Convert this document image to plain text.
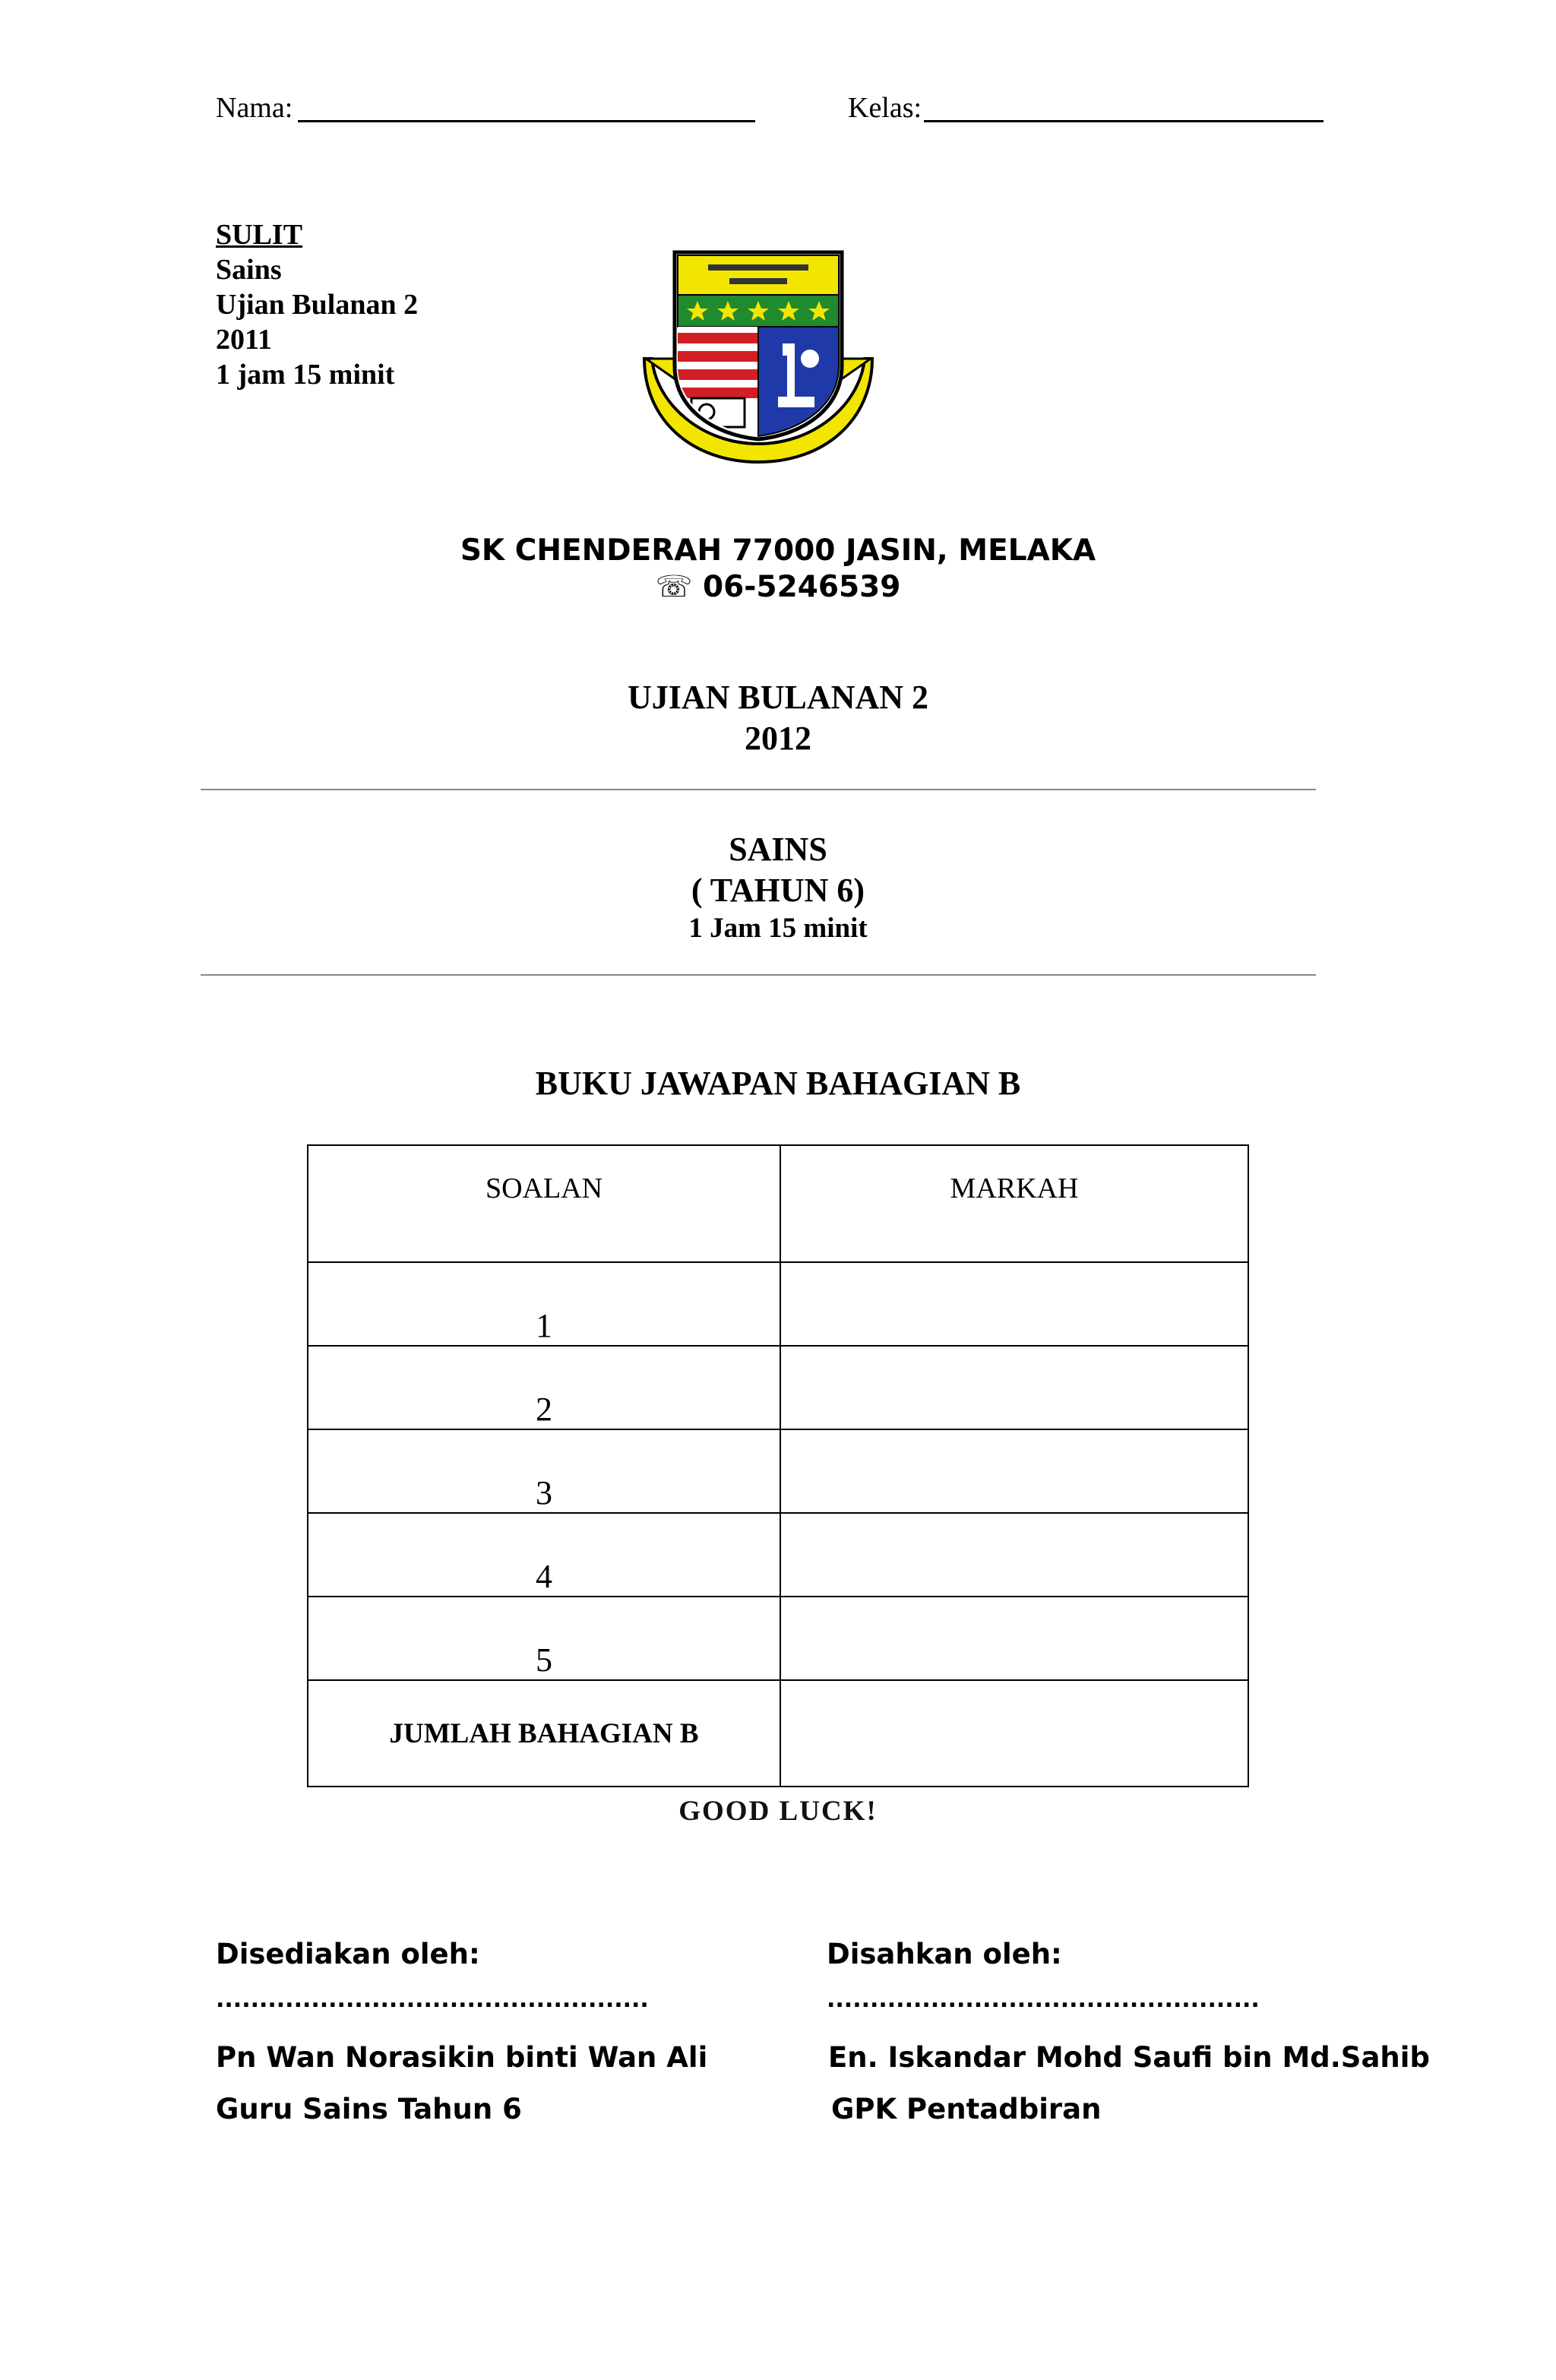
Nama:	Kelas:
SULIT
Sains
Ujian Bulanan 2
2011
1 jam 15 minit
SK CHENDERAH 77000 JASIN, MELAKA
☏ 06-5246539
UJIAN BULANAN 2
2012
SAINS
( TAHUN 6)
1 Jam 15 minit
BUKU JAWAPAN BAHAGIAN B
SOALAN	MARKAH
1	
2	
3	
4	
5	
JUMLAH BAHAGIAN B	
GOOD LUCK!
Disediakan oleh:
..................................................
Pn Wan Norasikin binti Wan Ali
Guru Sains Tahun 6
Disahkan oleh:
..................................................
En. Iskandar Mohd Saufi bin Md.Sahib
GPK Pentadbiran
